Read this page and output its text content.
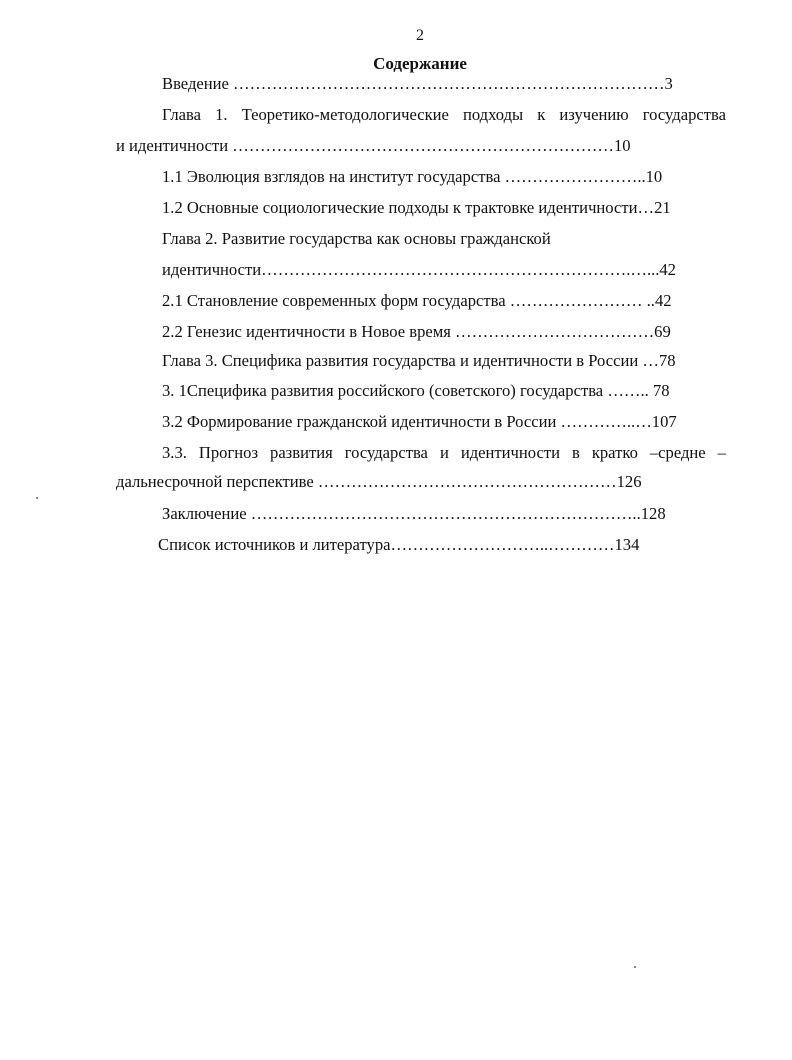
2
Содержание
Введение ……………………………………………………………………3
Глава 1. Теоретико-методологические подходы к изучению государства
и идентичности ……………………………………………………………10
1.1 Эволюция взглядов на институт государства ……………………..10
1.2 Основные социологические подходы к трактовке идентичности…21
Глава 2. Развитие государства как основы гражданской
идентичности………………………………………………………….…...42
2.1 Становление современных форм государства …………………… ..42
2.2 Генезис идентичности в Новое время ………………………………69
Глава 3. Специфика развития государства и идентичности в России …78
3. 1Специфика развития российского (советского) государства …….. 78
3.2 Формирование гражданской идентичности в России …………..…107
3.3. Прогноз развития государства и идентичности в кратко –средне –
дальнесрочной перспективе ………………………………………………126
Заключение ……………………………………………………………..128
Список источников и литература………………………..…………134
